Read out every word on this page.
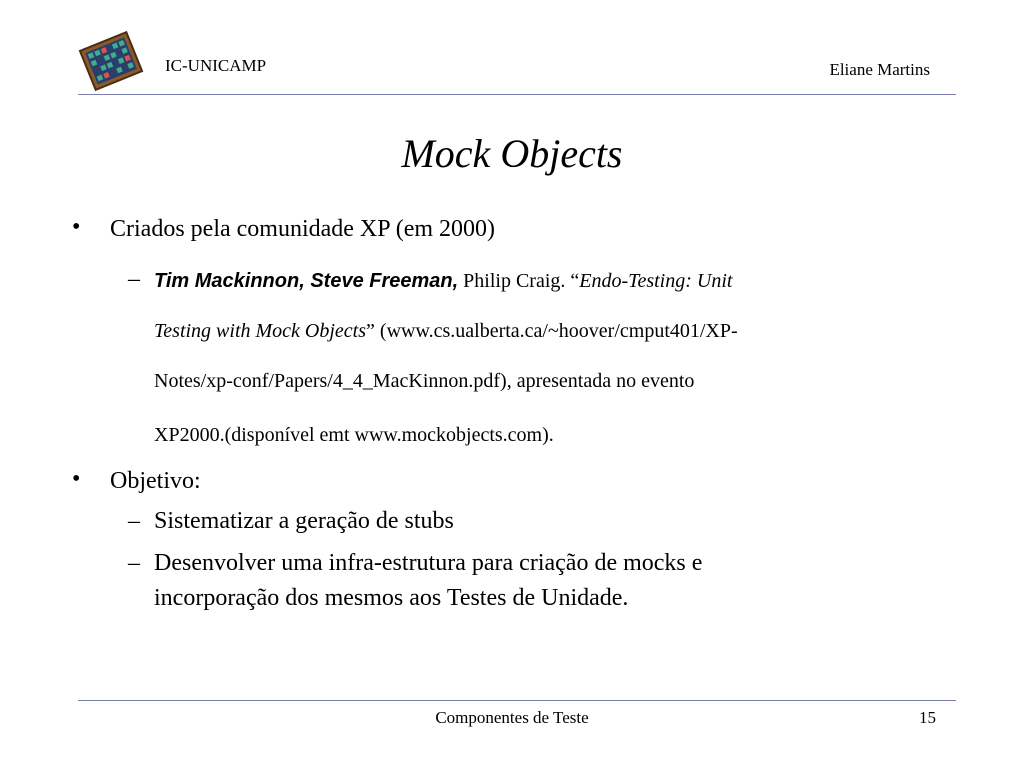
IC-UNICAMP	Eliane Martins
Mock Objects
• Criados pela comunidade XP (em 2000)
– Tim Mackinnon, Steve Freeman, Philip Craig. “Endo-Testing: Unit
Testing with Mock Objects” (www.cs.ualberta.ca/~hoover/cmput401/XP-
Notes/xp-conf/Papers/4_4_MacKinnon.pdf), apresentada no evento
XP2000.(disponível emt www.mockobjects.com).
• Objetivo:
– Sistematizar a geração de stubs
– Desenvolver uma infra-estrutura para criação de mocks e
incorporação dos mesmos aos Testes de Unidade.
Componentes de Teste	15
